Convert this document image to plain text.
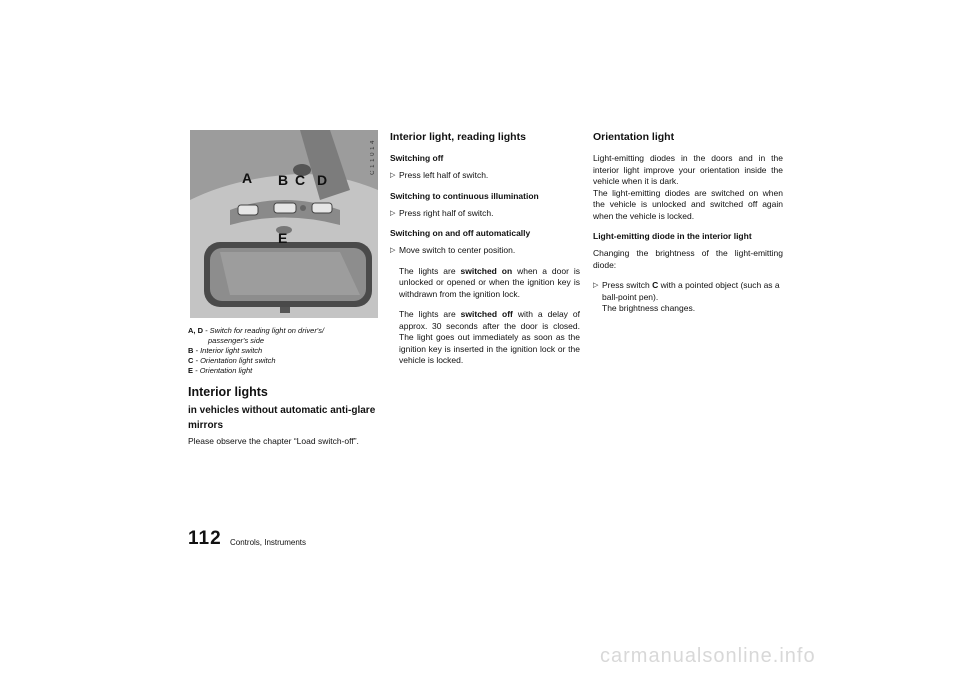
A B C D
E
C 1 1 0 1 4
A, D - Switch for reading light on driver's/
passenger's side
B - Interior light switch
C - Orientation light switch
E - Orientation light
Interior lights
in vehicles without automatic anti-glare mirrors

Please observe the chapter “Load switch-off”.

Interior light, reading lights

Switching off

▷ Press left half of switch.

Switching to continuous illumination

▷ Press right half of switch.

Switching on and off automatically

▷ Move switch to center position.

The lights are switched on when a door is unlocked or opened or when the ignition key is withdrawn from the ignition lock.

The lights are switched off with a delay of approx. 30 seconds after the door is closed. The light goes out immediately as soon as the ignition key is inserted in the ignition lock or the vehicle is locked.

Orientation light

Light-emitting diodes in the doors and in the interior light improve your orientation inside the vehicle when it is dark.

The light-emitting diodes are switched on when the vehicle is unlocked and switched off again when the vehicle is locked.

Light-emitting diode in the interior light

Changing the brightness of the light-emitting diode:

▷ Press switch C with a pointed object (such as a ball-point pen).

The brightness changes.

112 Controls, Instruments
carmanualsonline.info
